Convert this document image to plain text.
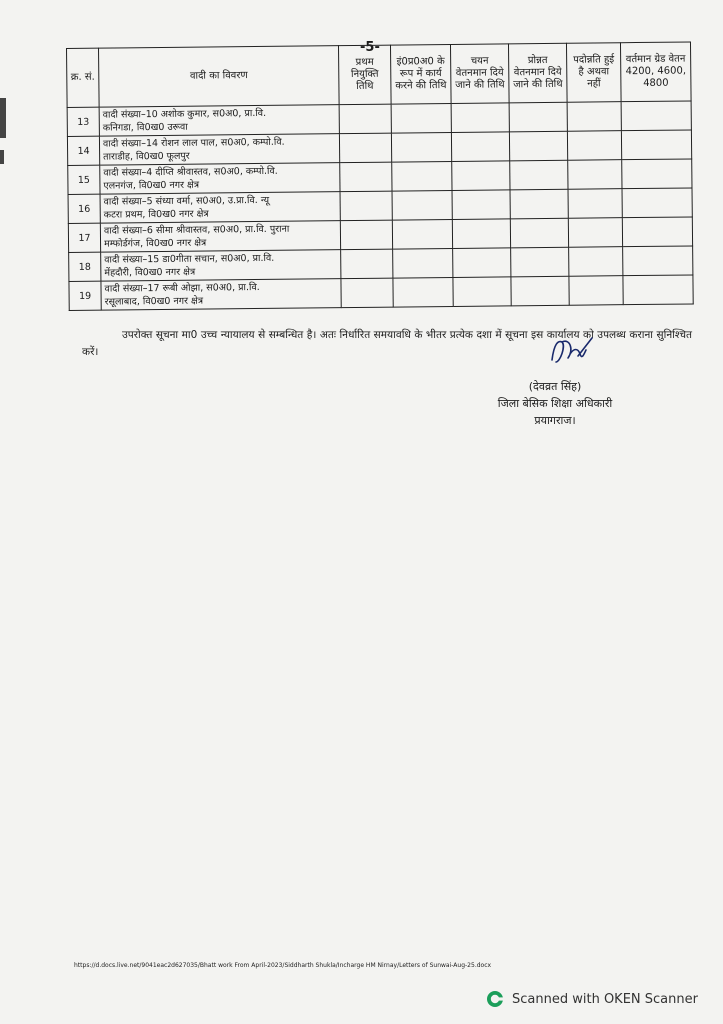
-5-
क्र. सं.	वादी का विवरण	प्रथम नियुक्ति तिथि	इं0प्र0अ0 के रूप में कार्य करने की तिथि	चयन वेतनमान दिये जाने की तिथि	प्रोन्नत वेतनमान दिये जाने की तिथि	पदोन्नति हुई है अथवा नहीं	वर्तमान ग्रेड वेतन 4200, 4600, 4800
13	वादी संख्या–10 अशोक कुमार, स0अ0, प्रा.वि.
कनिगडा, वि0ख0 उरूवा						
14	वादी संख्या–14 रोशन लाल पाल, स0अ0, कम्पो.वि.
ताराडीह, वि0ख0 फूलपुर						
15	वादी संख्या–4 दीप्ति श्रीवास्तव, स0अ0, कम्पो.वि.
एलनगंज, वि0ख0 नगर क्षेत्र						
16	वादी संख्या–5 संध्या वर्मा, स0अ0, उ.प्रा.वि. न्यू
कटरा प्रथम, वि0ख0 नगर क्षेत्र						
17	वादी संख्या–6 सीमा श्रीवास्तव, स0अ0, प्रा.वि. पुराना
मम्फोर्डगंज, वि0ख0 नगर क्षेत्र						
18	वादी संख्या–15 डा0गीता सचान, स0अ0, प्रा.वि.
मेंहदौरी, वि0ख0 नगर क्षेत्र						
19	वादी संख्या–17 रूबी ओझा, स0अ0, प्रा.वि.
रसूलाबाद, वि0ख0 नगर क्षेत्र						

उपरोक्त सूचना मा0 उच्च न्यायालय से सम्बन्धित है। अतः निर्धारित समयावधि के भीतर प्रत्येक दशा में सूचना इस कार्यालय को उपलब्ध कराना सुनिश्चित करें।

(देवव्रत सिंह)
जिला बेसिक शिक्षा अधिकारी
प्रयागराज।
https://d.docs.live.net/9041eac2d627035/Bhatt work From April-2023/Siddharth Shukla/Incharge HM Nirnay/Letters of Sunwai-Aug-25.docx
Scanned with OKEN Scanner
